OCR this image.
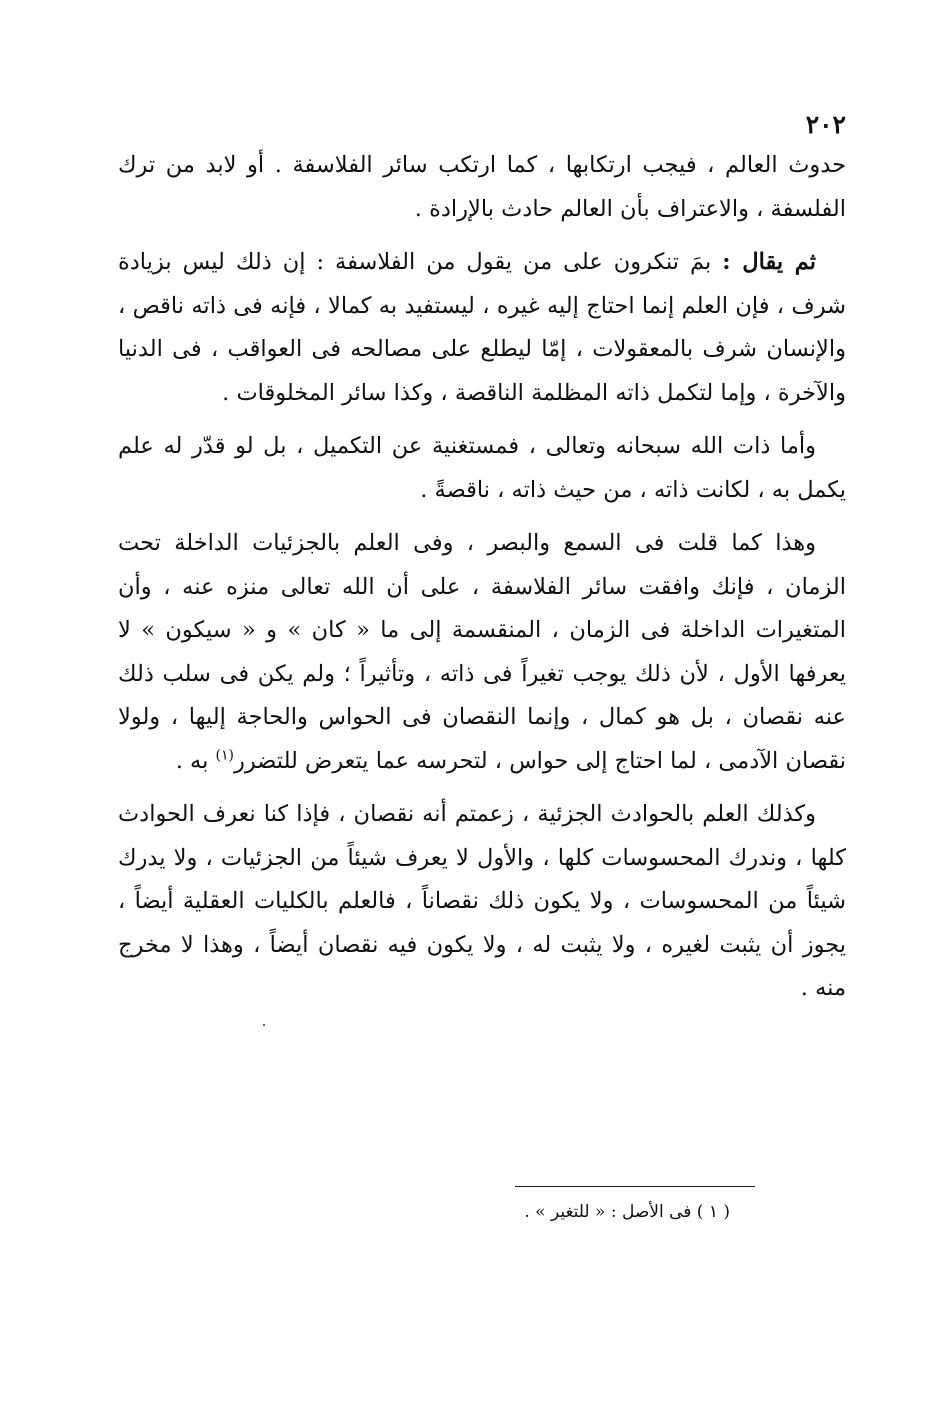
٢٠٢

حدوث العالم ، فيجب ارتكابها ، كما ارتكب سائر الفلاسفة . أو لابد من ترك الفلسفة ، والاعتراف بأن العالم حادث بالإرادة .

ثم يقال : بمَ تنكرون على من يقول من الفلاسفة : إن ذلك ليس بزيادة شرف ، فإن العلم إنما احتاج إليه غيره ، ليستفيد به كمالا ، فإنه فى ذاته ناقص ، والإنسان شرف بالمعقولات ، إمّا ليطلع على مصالحه فى العواقب ، فى الدنيا والآخرة ، وإما لتكمل ذاته المظلمة الناقصة ، وكذا سائر المخلوقات .

وأما ذات الله سبحانه وتعالى ، فمستغنية عن التكميل ، بل لو قدّر له علم يكمل به ، لكانت ذاته ، من حيث ذاته ، ناقصةً .

وهذا كما قلت فى السمع والبصر ، وفى العلم بالجزئيات الداخلة تحت الزمان ، فإنك وافقت سائر الفلاسفة ، على أن الله تعالى منزه عنه ، وأن المتغيرات الداخلة فى الزمان ، المنقسمة إلى ما « كان » و « سيكون » لا يعرفها الأول ، لأن ذلك يوجب تغيراً فى ذاته ، وتأثيراً ؛ ولم يكن فى سلب ذلك عنه نقصان ، بل هو كمال ، وإنما النقصان فى الحواس والحاجة إليها ، ولولا نقصان الآدمى ، لما احتاج إلى حواس ، لتحرسه عما يتعرض للتضرر$^{(١)}$ به .

وكذلك العلم بالحوادث الجزئية ، زعمتم أنه نقصان ، فإذا كنا نعرف الحوادث كلها ، وندرك المحسوسات كلها ، والأول لا يعرف شيئاً من الجزئيات ، ولا يدرك شيئاً من المحسوسات ، ولا يكون ذلك نقصاناً ، فالعلم بالكليات العقلية أيضاً ، يجوز أن يثبت لغيره ، ولا يثبت له ، ولا يكون فيه نقصان أيضاً ، وهذا لا مخرج منه .

( ١ ) فى الأصل : « للتغير » .
